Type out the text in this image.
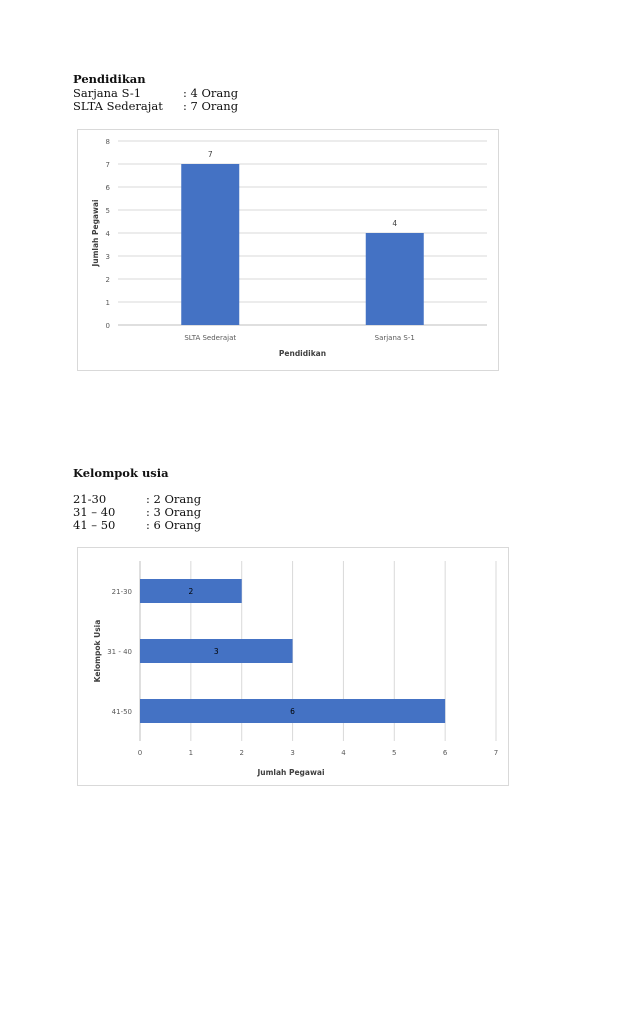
Pendidikan
Sarjana S-1	: 4 Orang
SLTA Sederajat : 7 Orang
0
1
2
3
4
5
6
7
8
7
SLTA Sederajat
4
Sarjana S-1
Pendidikan
Jumlah Pegawai
Kelompok usia
21-30	: 2 Orang
31 – 40	: 3 Orang
41 – 50	: 6 Orang
0	1	2	3	4	5	6	7
2
21-30
3
31 - 40
6
41-50
Jumlah Pegawai
Kelompok Usia
